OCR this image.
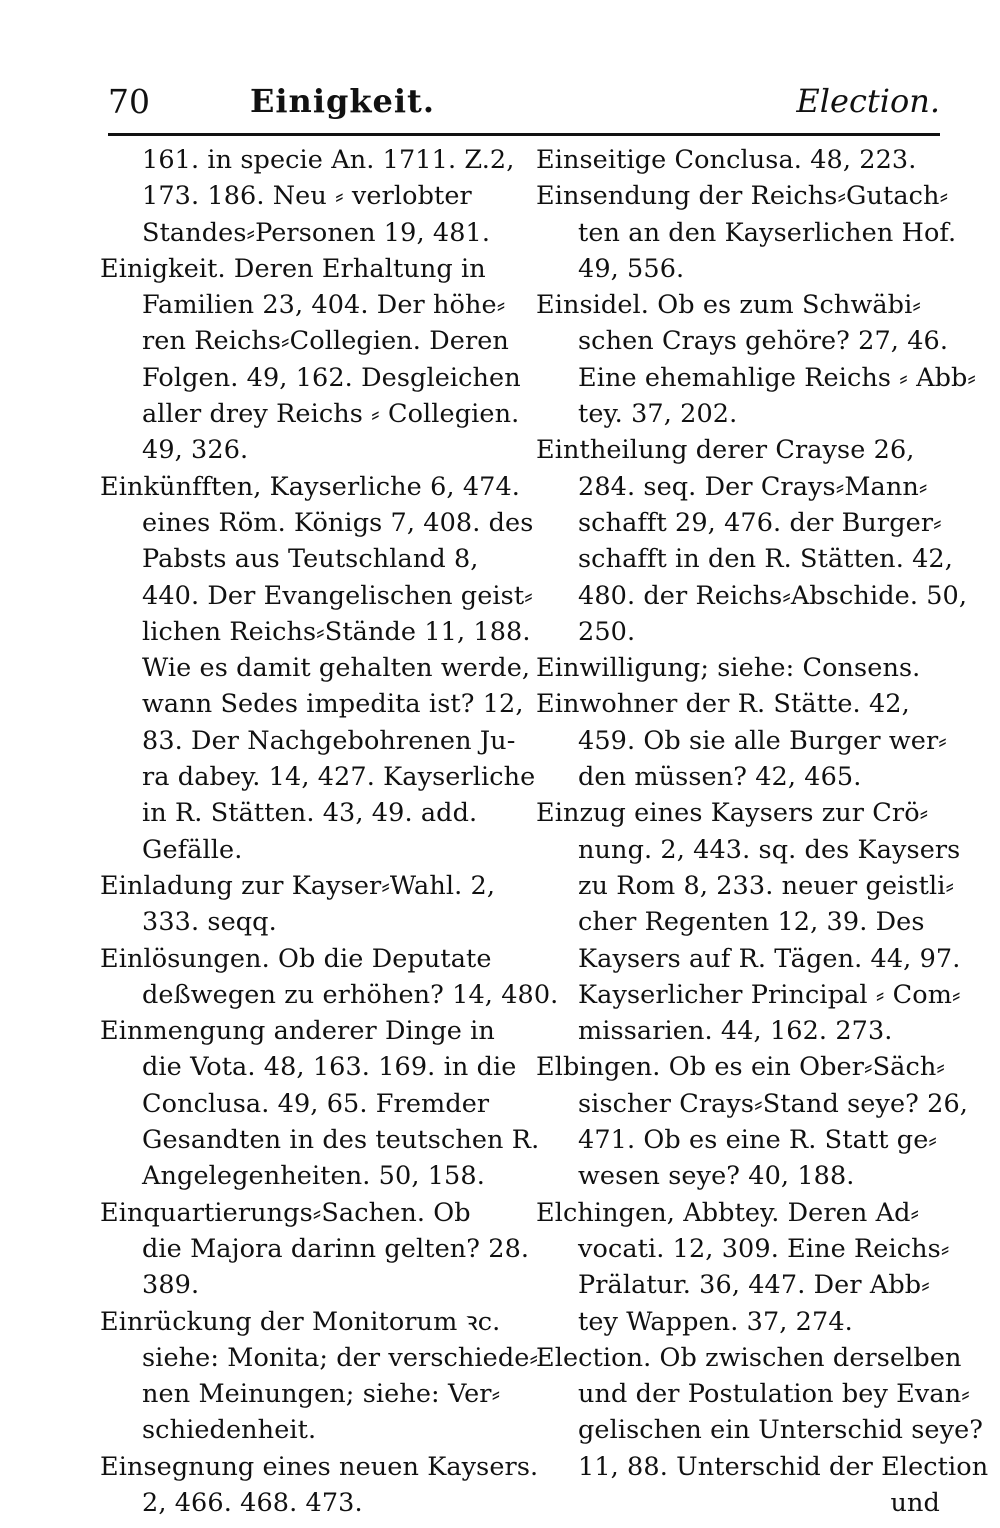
70	Einigkeit.	Election.
161. in specie An. 1711. Z.2,
173. 186. Neu ⸗ verlobter
Standes⸗Personen 19, 481.
Einigkeit. Deren Erhaltung in
Familien 23, 404. Der höhe⸗
ren Reichs⸗Collegien. Deren
Folgen. 49, 162. Desgleichen
aller drey Reichs ⸗ Collegien.
49, 326.
Einkünfften, Kayserliche 6, 474.
eines Röm. Königs 7, 408. des
Pabsts aus Teutschland 8,
440. Der Evangelischen geist⸗
lichen Reichs⸗Stände 11, 188.
Wie es damit gehalten werde,
wann Sedes impedita ist? 12,
83. Der Nachgebohrenen Ju-
ra dabey. 14, 427. Kayserliche
in R. Stätten. 43, 49. add.
Gefälle.
Einladung zur Kayser⸗Wahl. 2,
333. seqq.
Einlösungen. Ob die Deputate
deßwegen zu erhöhen? 14, 480.
Einmengung anderer Dinge in
die Vota. 48, 163. 169. in die
Conclusa. 49, 65. Fremder
Gesandten in des teutschen R.
Angelegenheiten. 50, 158.
Einquartierungs⸗Sachen. Ob
die Majora darinn gelten? 28.
389.
Einrückung der Monitorum ꝛc.
siehe: Monita; der verschiede⸗
nen Meinungen; siehe: Ver⸗
schiedenheit.
Einsegnung eines neuen Kaysers.
2, 466. 468. 473.
Einseitige Conclusa. 48, 223.
Einsendung der Reichs⸗Gutach⸗
ten an den Kayserlichen Hof.
49, 556.
Einsidel. Ob es zum Schwäbi⸗
schen Crays gehöre? 27, 46.
Eine ehemahlige Reichs ⸗ Abb⸗
tey. 37, 202.
Eintheilung derer Crayse 26,
284. seq. Der Crays⸗Mann⸗
schafft 29, 476. der Burger⸗
schafft in den R. Stätten. 42,
480. der Reichs⸗Abschide. 50,
250.
Einwilligung; siehe: Consens.
Einwohner der R. Stätte. 42,
459. Ob sie alle Burger wer⸗
den müssen? 42, 465.
Einzug eines Kaysers zur Crö⸗
nung. 2, 443. sq. des Kaysers
zu Rom 8, 233. neuer geistli⸗
cher Regenten 12, 39. Des
Kaysers auf R. Tägen. 44, 97.
Kayserlicher Principal ⸗ Com⸗
missarien. 44, 162. 273.
Elbingen. Ob es ein Ober⸗Säch⸗
sischer Crays⸗Stand seye? 26,
471. Ob es eine R. Statt ge⸗
wesen seye? 40, 188.
Elchingen, Abbtey. Deren Ad⸗
vocati. 12, 309. Eine Reichs⸗
Prälatur. 36, 447. Der Abb⸗
tey Wappen. 37, 274.
Election. Ob zwischen derselben
und der Postulation bey Evan⸗
gelischen ein Unterschid seye?
11, 88. Unterschid der Election
und
